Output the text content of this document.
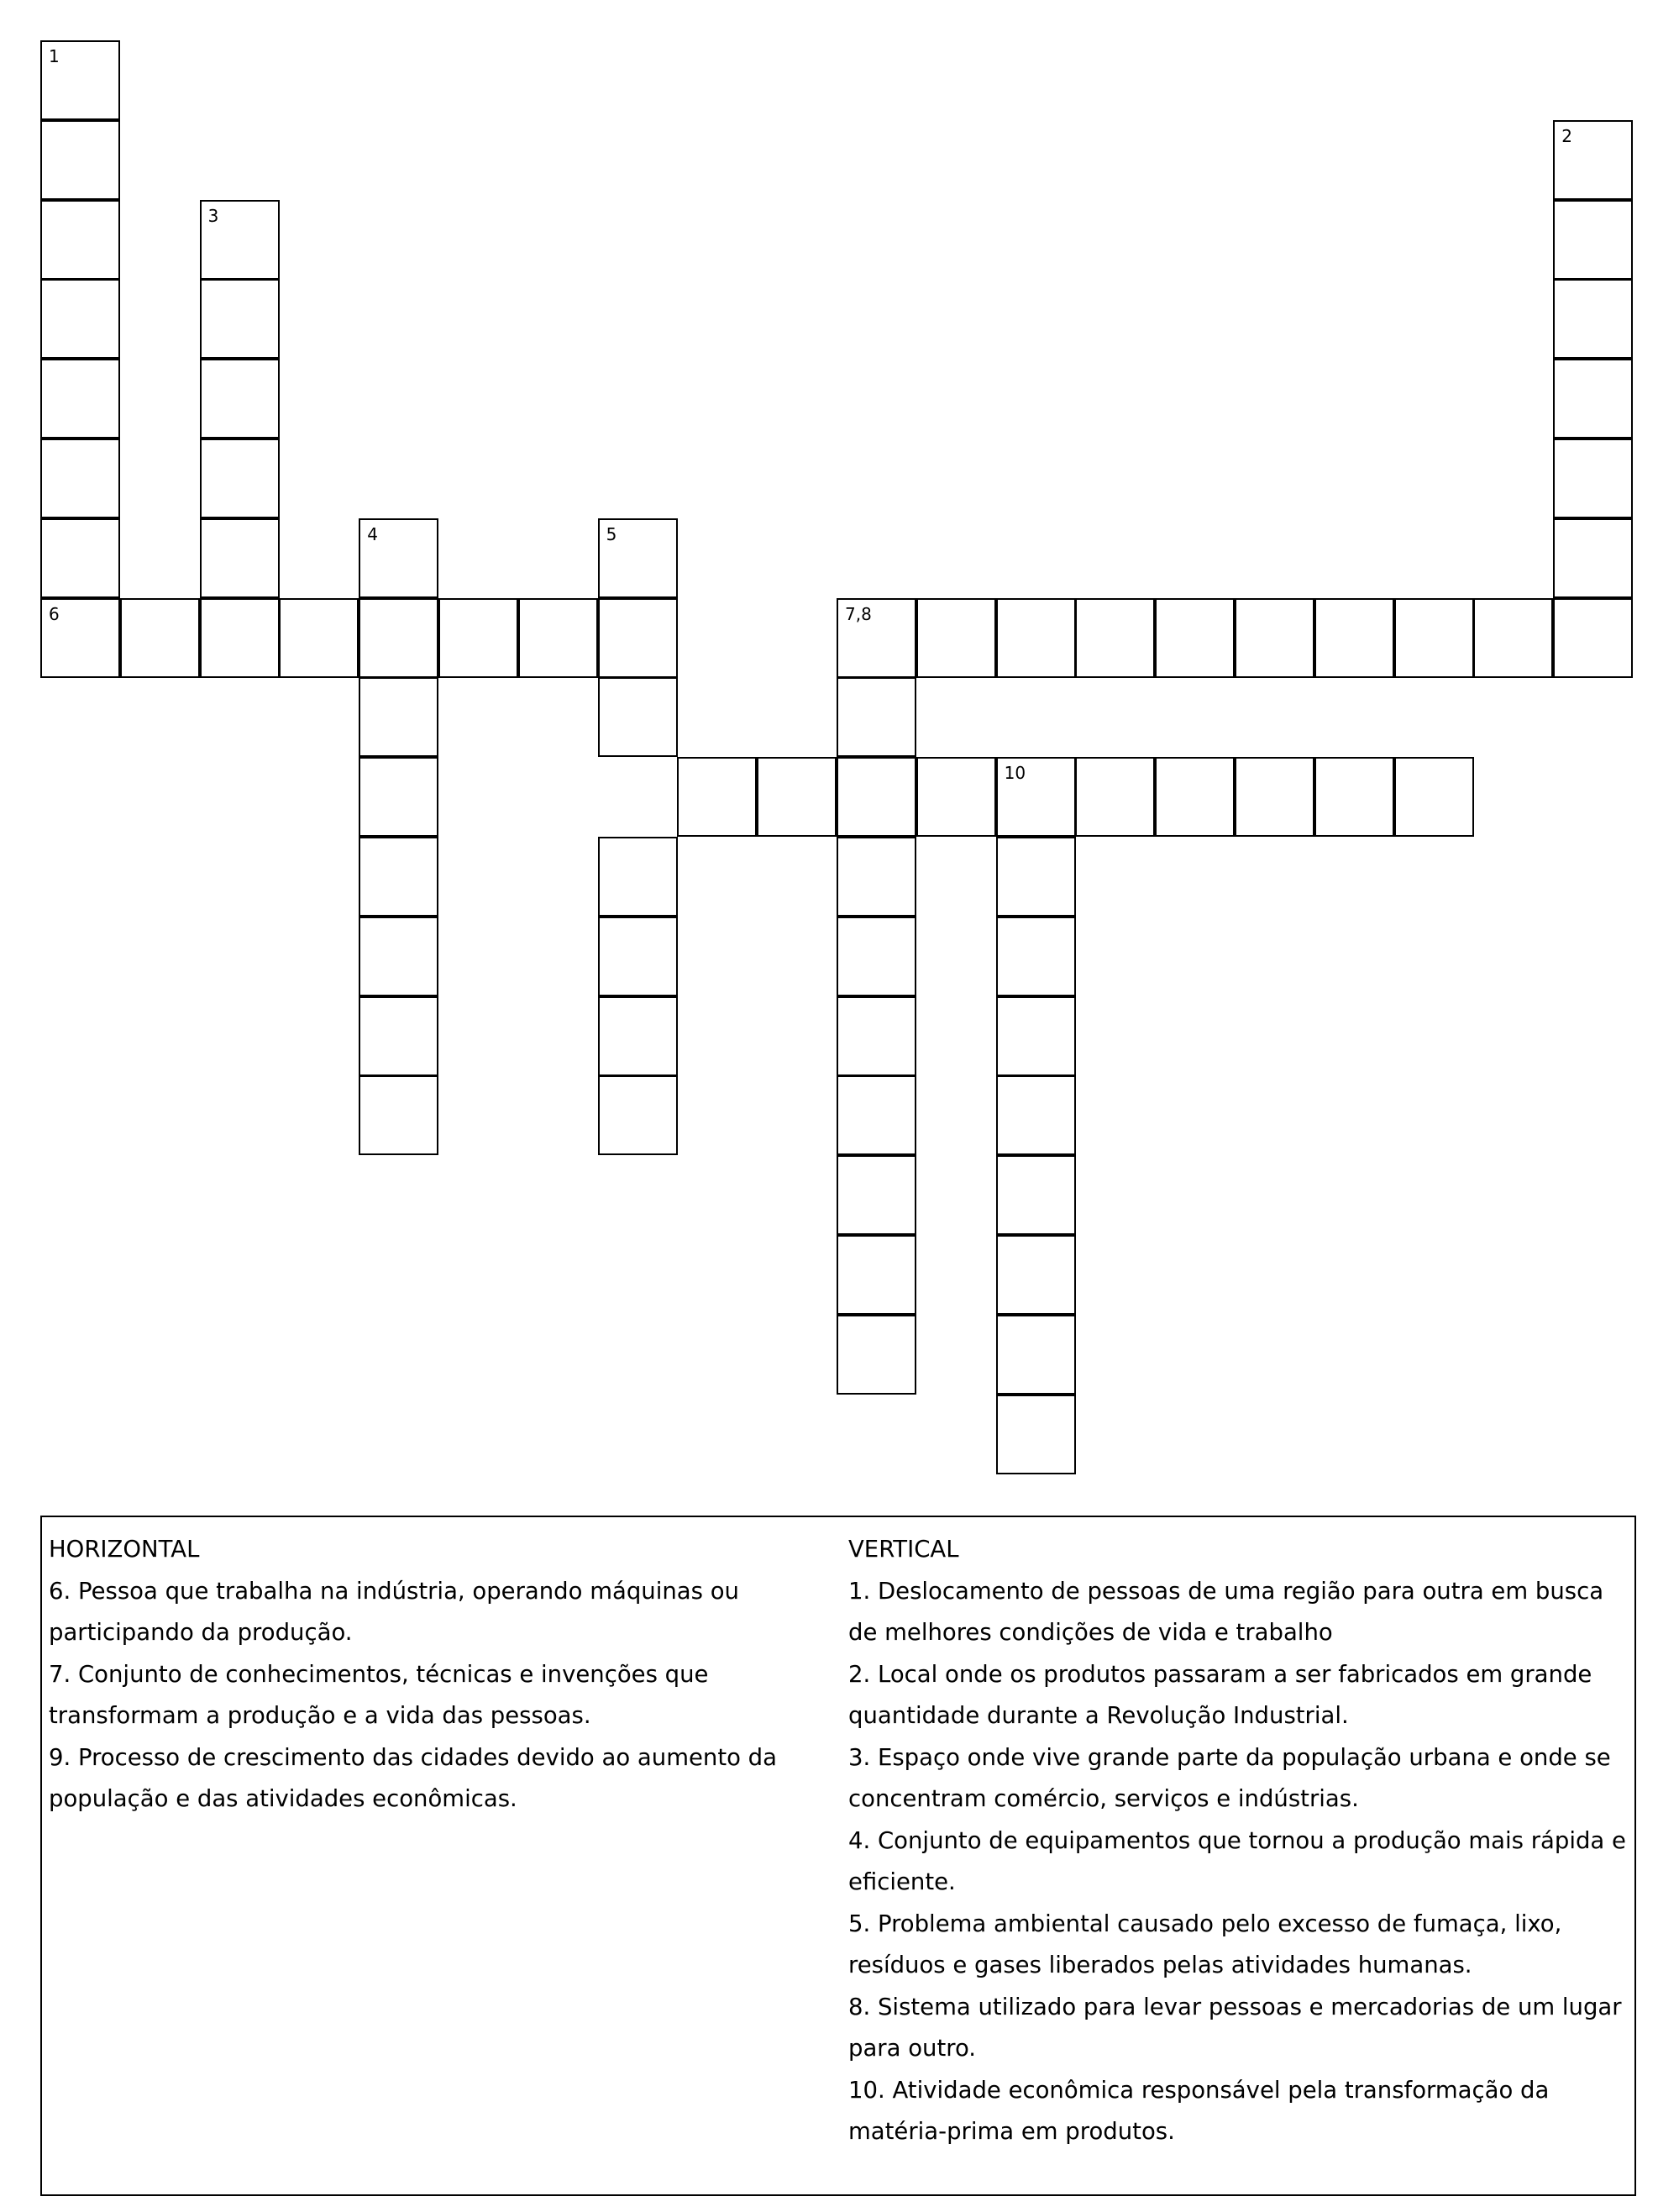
1
3
2
4	5
6	7,8
10

HORIZONTAL

6. Pessoa que trabalha na indústria, operando máquinas ou participando da produção.

7. Conjunto de conhecimentos, técnicas e invenções que transformam a produção e a vida das pessoas.

9. Processo de crescimento das cidades devido ao aumento da população e das atividades econômicas.

VERTICAL

1. Deslocamento de pessoas de uma região para outra em busca de melhores condições de vida e trabalho

2. Local onde os produtos passaram a ser fabricados em grande quantidade durante a Revolução Industrial.

3. Espaço onde vive grande parte da população urbana e onde se concentram comércio, serviços e indústrias.

4. Conjunto de equipamentos que tornou a produção mais rápida e eficiente.

5. Problema ambiental causado pelo excesso de fumaça, lixo, resíduos e gases liberados pelas atividades humanas.

8. Sistema utilizado para levar pessoas e mercadorias de um lugar para outro.

10. Atividade econômica responsável pela transformação da matéria-prima em produtos.
